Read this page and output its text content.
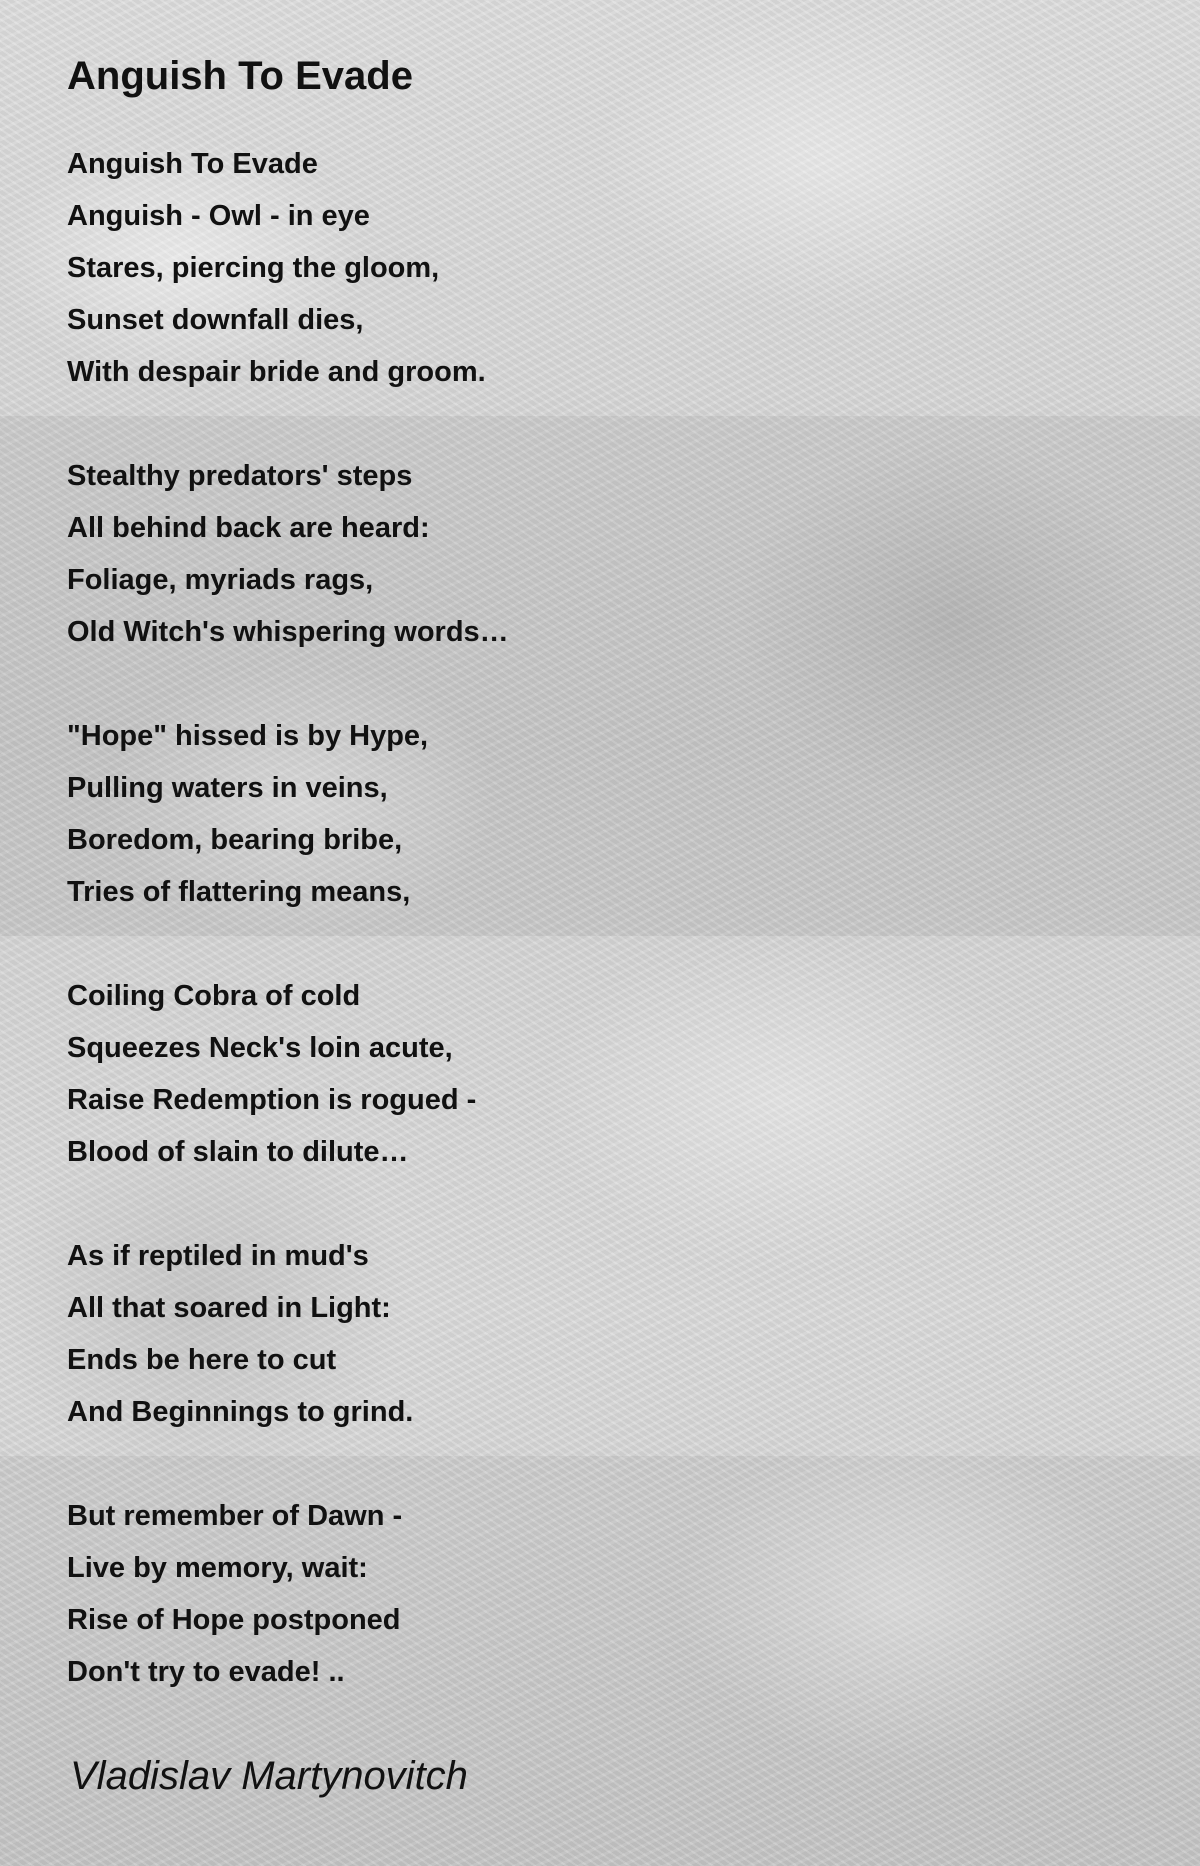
Anguish To Evade

Anguish To Evade
Anguish - Owl - in eye
Stares, piercing the gloom,
Sunset downfall dies,
With despair bride and groom.

Stealthy predators' steps
All behind back are heard:
Foliage, myriads rags,
Old Witch's whispering words…

"Hope" hissed is by Hype,
Pulling waters in veins,
Boredom, bearing bribe,
Tries of flattering means,

Coiling Cobra of cold
Squeezes Neck's loin acute,
Raise Redemption is rogued -
Blood of slain to dilute…

As if reptiled in mud's
All that soared in Light:
Ends be here to cut
And Beginnings to grind.

But remember of Dawn -
Live by memory, wait:
Rise of Hope postponed
Don't try to evade! ..

Vladislav Martynovitch
